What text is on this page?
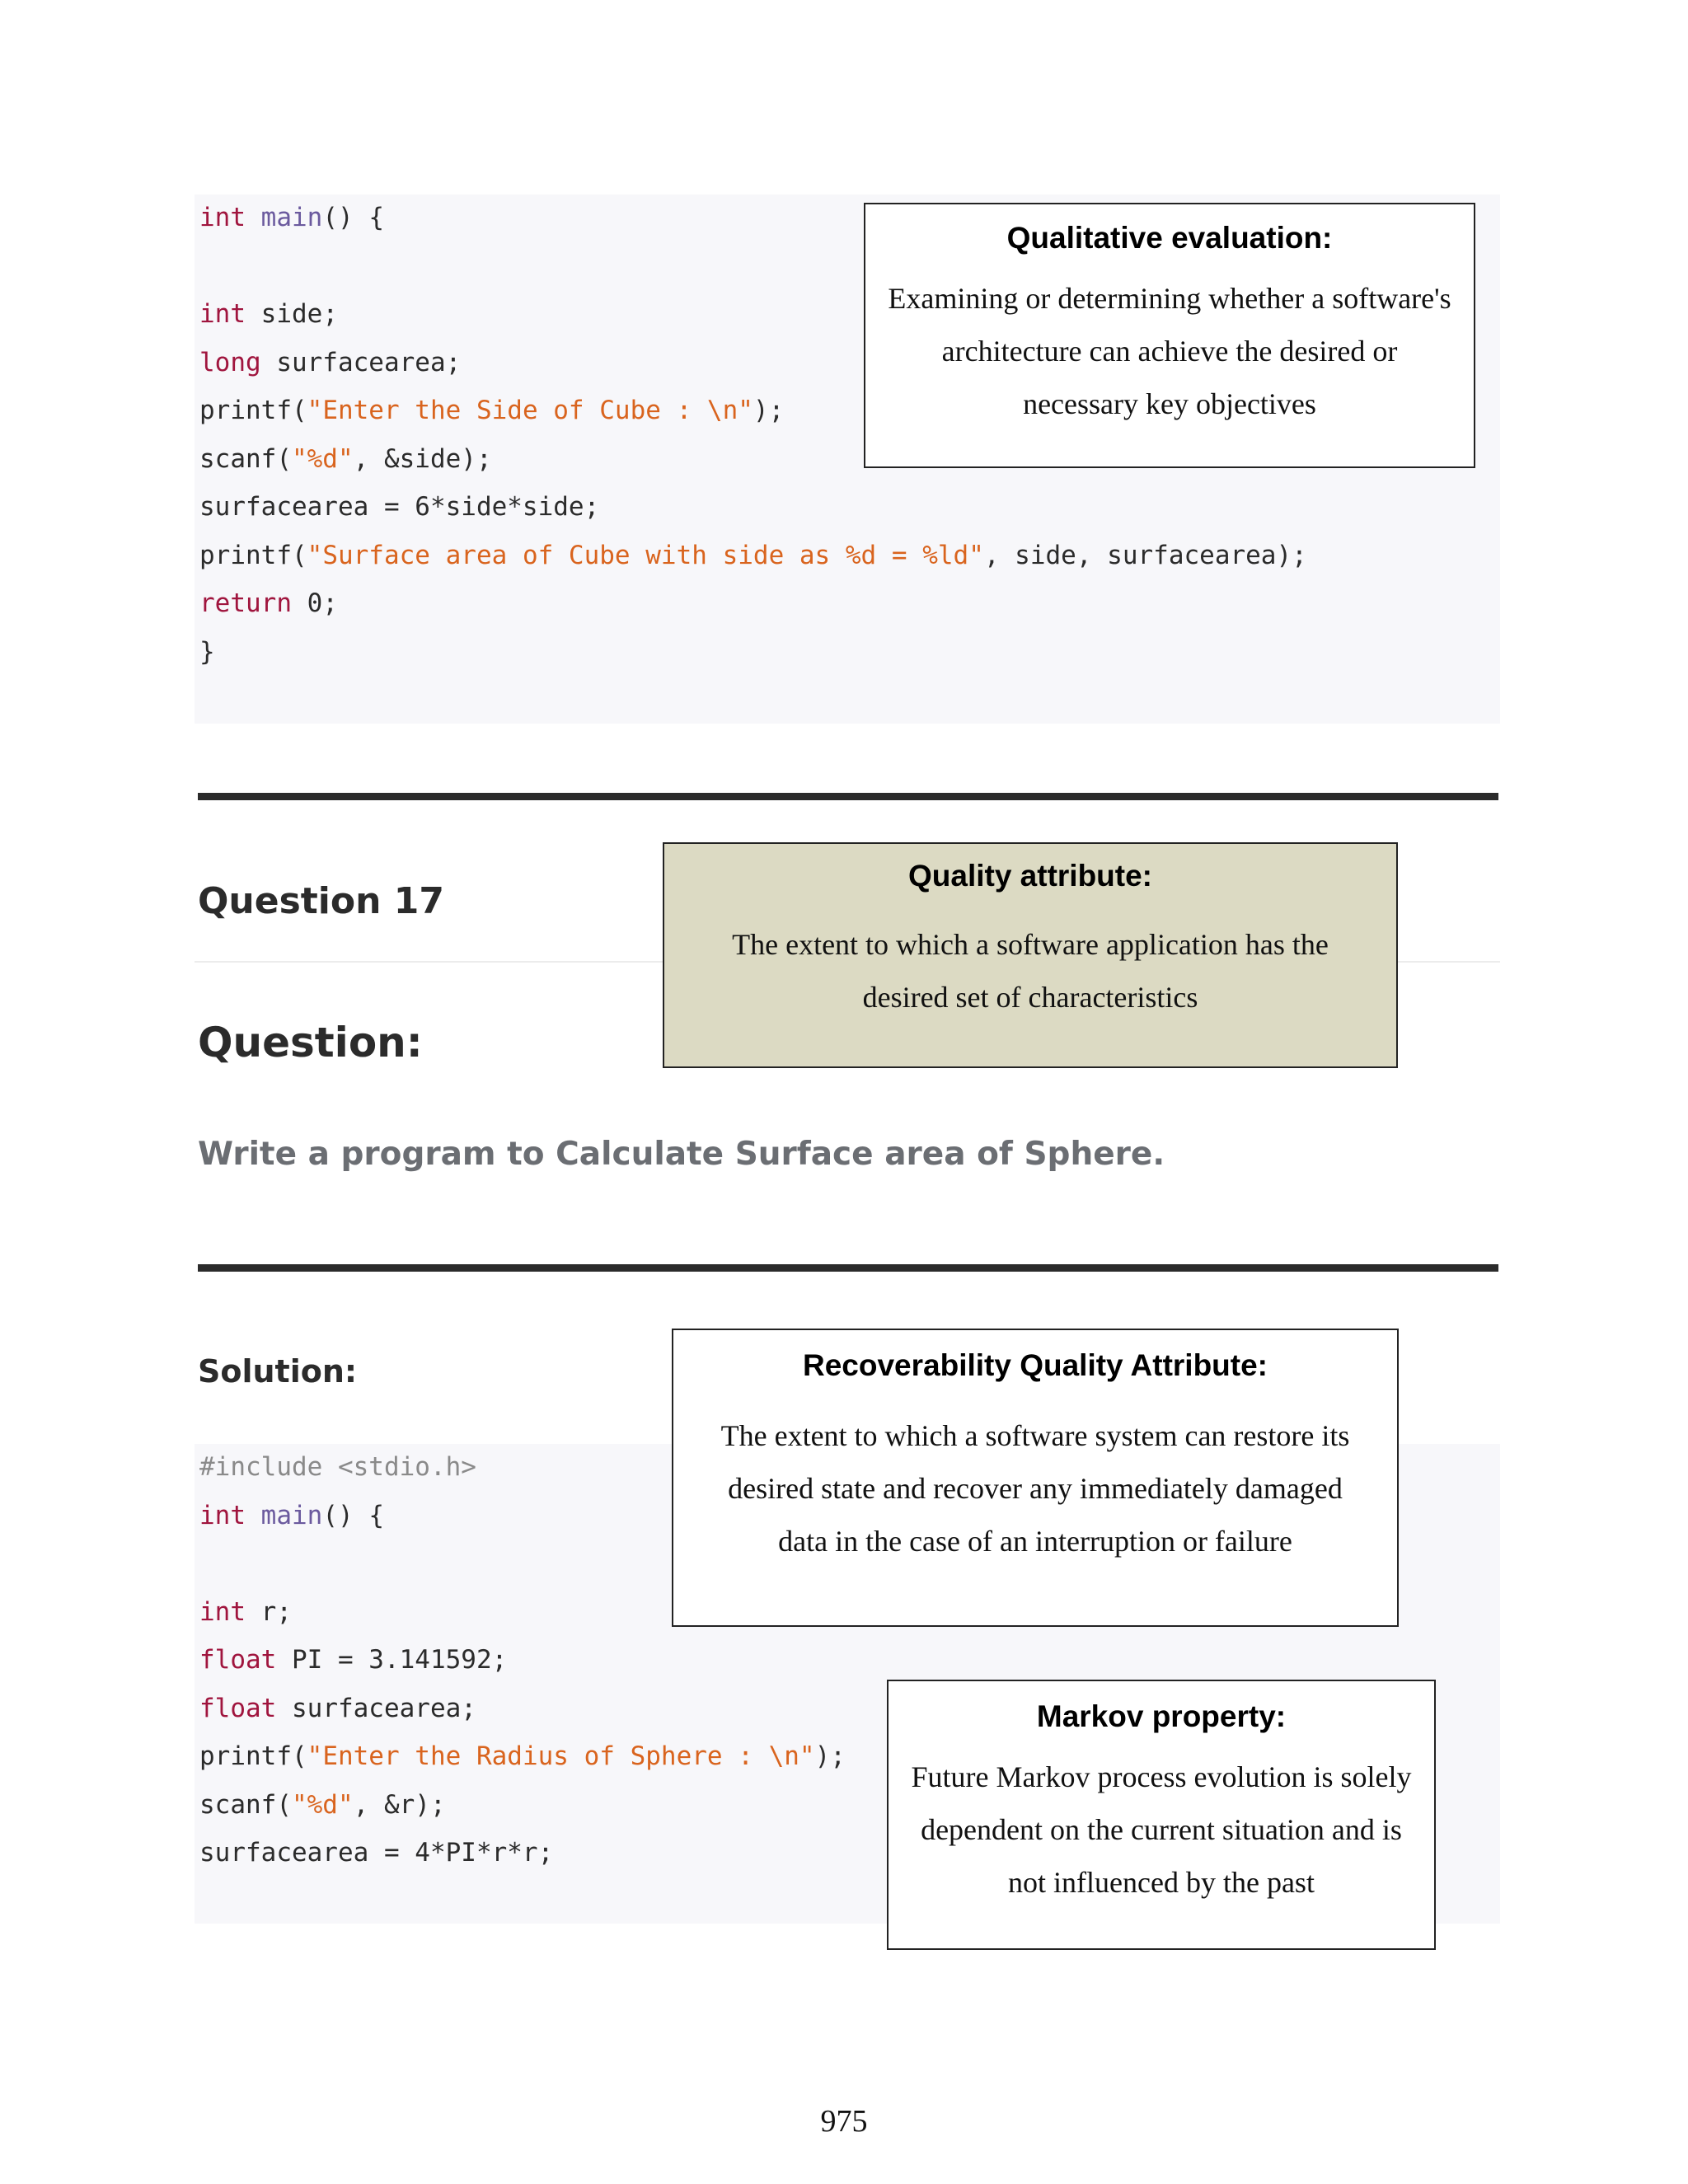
int main() {
int side;
long surfacearea;
printf("Enter the Side of Cube : \n");
scanf("%d", &side);
surfacearea = 6*side*side;
printf("Surface area of Cube with side as %d = %ld", side, surfacearea);
return 0;
}
Question 17
Question:

Write a program to Calculate Surface area of Sphere.

Solution:
#include <stdio.h>
int main() {
int r;
float PI = 3.141592;
float surfacearea;
printf("Enter the Radius of Sphere : \n");
scanf("%d", &r);
surfacearea = 4*PI*r*r;

Qualitative evaluation:

Examining or determining whether a software's architecture can achieve the desired or necessary key objectives

Quality attribute:

The extent to which a software application has the desired set of characteristics

Recoverability Quality Attribute:

The extent to which a software system can restore its desired state and recover any immediately damaged data in the case of an interruption or failure

Markov property:

Future Markov process evolution is solely dependent on the current situation and is not influenced by the past

975
